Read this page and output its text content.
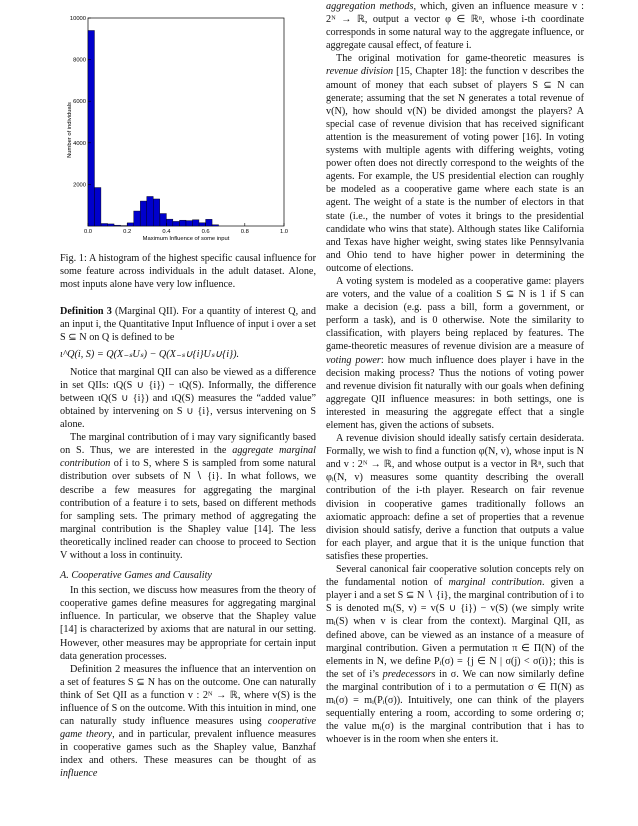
0.0	0.2	0.4	0.6	0.8	1.0
2000
4000
6000
8000
10000
Maximum Influence of some input
Number of individuals

Fig. 1: A histogram of the highest specific causal influence for some feature across individuals in the adult dataset. Alone, most inputs alone have very low influence.

Definition 3 (Marginal QII). For a quantity of interest Q, and an input i, the Quantitative Input Influence of input i over a set S ⊆ N on Q is defined to be

ι^Q(i, S) = Q(X₋ₛUₛ) − Q(X₋ₛ∪{i}Uₛ∪{i}).

Notice that marginal QII can also be viewed as a difference in set QIIs: ιQ(S ∪ {i}) − ιQ(S). Informally, the difference between ιQ(S ∪ {i}) and ιQ(S) measures the “added value” obtained by intervening on S ∪ {i}, versus intervening on S alone.

The marginal contribution of i may vary significantly based on S. Thus, we are interested in the aggregate marginal contribution of i to S, where S is sampled from some natural distribution over subsets of N ∖ {i}. In what follows, we describe a few measures for aggregating the marginal contribution of a feature i to sets, based on different methods for sampling sets. The primary method of aggregating the marginal contribution is the Shapley value [14]. The less theoretically inclined reader can choose to proceed to Section V without a loss in continuity.

A. Cooperative Games and Causality

In this section, we discuss how measures from the theory of cooperative games define measures for aggregating marginal influence. In particular, we observe that the Shapley value [14] is characterized by axioms that are natural in our setting. However, other measures may be appropriate for certain input data generation processes.

Definition 2 measures the influence that an intervention on a set of features S ⊆ N has on the outcome. One can naturally think of Set QII as a function v : 2ᴺ → ℝ, where v(S) is the influence of S on the outcome. With this intuition in mind, one can naturally study influence measures using cooperative game theory, and in particular, prevalent influence measures in cooperative games such as the Shapley value, Banzhaf index and others. These measures can be thought of as influence

aggregation methods, which, given an influence measure v : 2ᴺ → ℝ, output a vector φ ∈ ℝⁿ, whose i-th coordinate corresponds in some natural way to the aggregate influence, or aggregate causal effect, of feature i.

The original motivation for game-theoretic measures is revenue division [15, Chapter 18]: the function v describes the amount of money that each subset of players S ⊆ N can generate; assuming that the set N generates a total revenue of v(N), how should v(N) be divided amongst the players? A special case of revenue division that has received significant attention is the measurement of voting power [16]. In voting systems with multiple agents with differing weights, voting power often does not directly correspond to the weights of the agents. For example, the US presidential election can roughly be modeled as a cooperative game where each state is an agent. The weight of a state is the number of electors in that state (i.e., the number of votes it brings to the presidential candidate who wins that state). Although states like California and Texas have higher weight, swing states like Pennsylvania and Ohio tend to have higher power in determining the outcome of elections.

A voting system is modeled as a cooperative game: players are voters, and the value of a coalition S ⊆ N is 1 if S can make a decision (e.g. pass a bill, form a government, or perform a task), and is 0 otherwise. Note the similarity to classification, with players being replaced by features. The game-theoretic measures of revenue division are a measure of voting power: how much influence does player i have in the decision making process? Thus the notions of voting power and revenue division fit naturally with our goals when defining aggregate QII influence measures: in both settings, one is interested in measuring the aggregate effect that a single element has, given the actions of subsets.

A revenue division should ideally satisfy certain desiderata. Formally, we wish to find a function φ(N, v), whose input is N and v : 2ᴺ → ℝ, and whose output is a vector in ℝⁿ, such that φᵢ(N, v) measures some quantity describing the overall contribution of the i-th player. Research on fair revenue division in cooperative games traditionally follows an axiomatic approach: define a set of properties that a revenue division should satisfy, derive a function that outputs a value for each player, and argue that it is the unique function that satisfies these properties.

Several canonical fair cooperative solution concepts rely on the fundamental notion of marginal contribution. given a player i and a set S ⊆ N ∖ {i}, the marginal contribution of i to S is denoted mᵢ(S, v) = v(S ∪ {i}) − v(S) (we simply write mᵢ(S) when v is clear from the context). Marginal QII, as defined above, can be viewed as an instance of a measure of marginal contribution. Given a permutation π ∈ Π(N) of the elements in N, we define Pᵢ(σ) = {j ∈ N | σ(j) < σ(i)}; this is the set of i’s predecessors in σ. We can now similarly define the marginal contribution of i to a permutation σ ∈ Π(N) as mᵢ(σ) = mᵢ(Pᵢ(σ)). Intuitively, one can think of the players sequentially entering a room, according to some ordering σ; the value mᵢ(σ) is the marginal contribution that i has to whoever is in the room when she enters it.
